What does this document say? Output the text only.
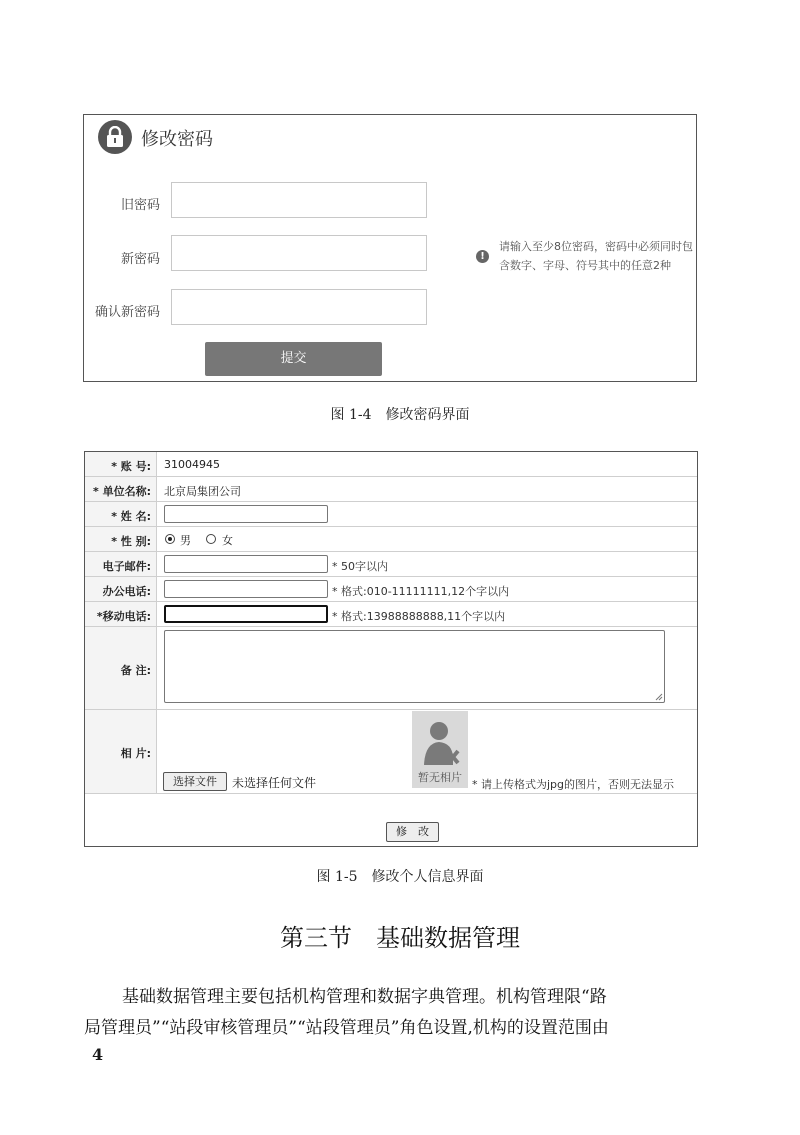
修改密码
旧密码
新密码
确认新密码
!
请输入至少8位密码，密码中必须同时包
含数字、字母、符号其中的任意2种
提交
图 1-4　修改密码界面
* 账 号: 31004945
* 单位名称: 北京局集团公司
* 姓 名:
* 性 别:	男	女
电子邮件:	* 50字以内
办公电话:	* 格式:010-11111111,12个字以内
*移动电话:	* 格式:13988888888,11个字以内
备 注:
相 片:
暂无相片
选择文件	未选择任何文件	* 请上传格式为jpg的图片，否则无法显示
修　改
图 1-5　修改个人信息界面
第三节　基础数据管理
基础数据管理主要包括机构管理和数据字典管理。机构管理限“路
局管理员”“站段审核管理员”“站段管理员”角色设置,机构的设置范围由
4
